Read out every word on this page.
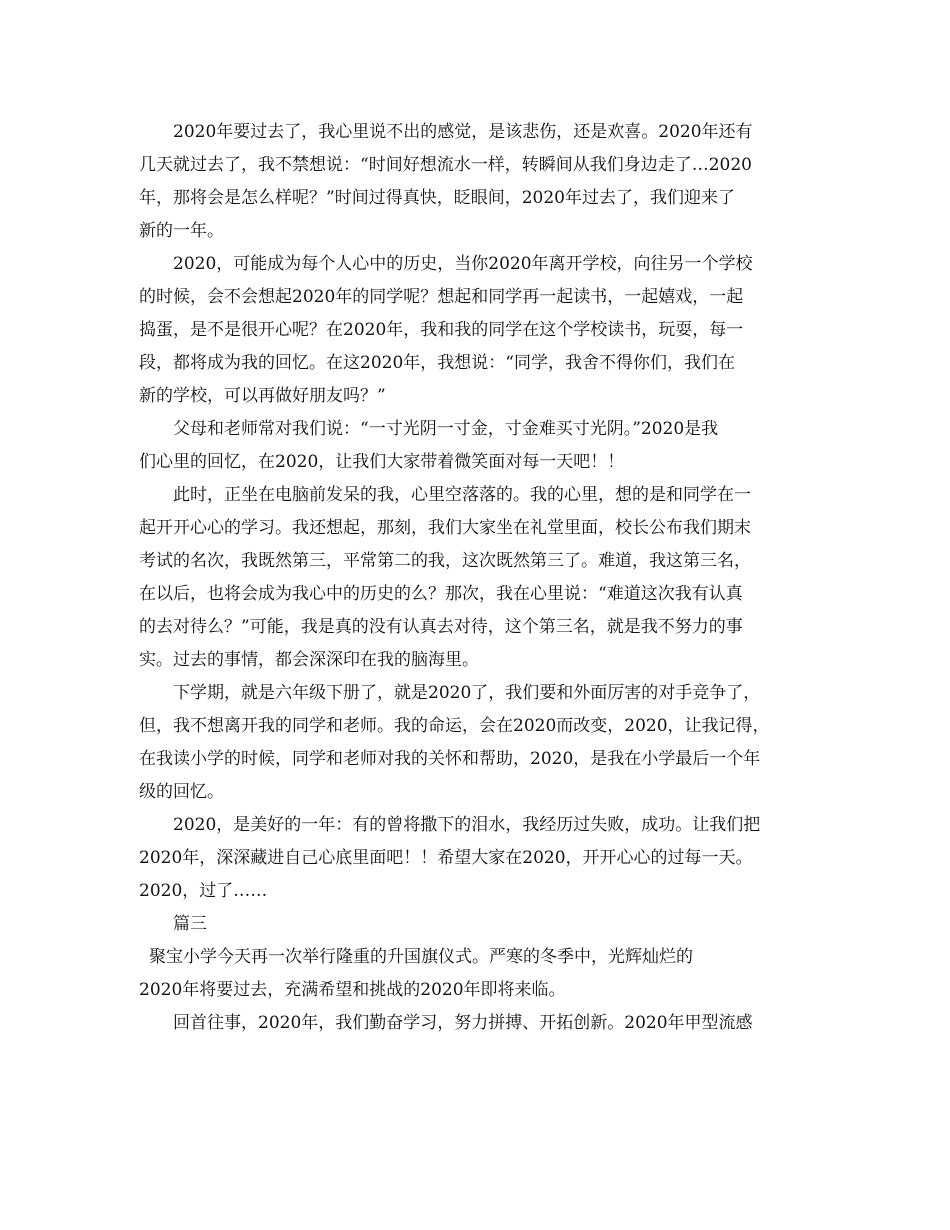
2020年要过去了，我心里说不出的感觉，是该悲伤，还是欢喜。2020年还有
几天就过去了，我不禁想说：“时间好想流水一样，转瞬间从我们身边走了…2020
年，那将会是怎么样呢？”时间过得真快，眨眼间，2020年过去了，我们迎来了
新的一年。
2020，可能成为每个人心中的历史，当你2020年离开学校，向往另一个学校
的时候，会不会想起2020年的同学呢？想起和同学再一起读书，一起嬉戏，一起
捣蛋，是不是很开心呢？在2020年，我和我的同学在这个学校读书，玩耍，每一
段，都将成为我的回忆。在这2020年，我想说：“同学，我舍不得你们，我们在
新的学校，可以再做好朋友吗？”
父母和老师常对我们说：“一寸光阴一寸金，寸金难买寸光阴。”2020是我
们心里的回忆，在2020，让我们大家带着微笑面对每一天吧！！
此时，正坐在电脑前发呆的我，心里空落落的。我的心里，想的是和同学在一
起开开心心的学习。我还想起，那刻，我们大家坐在礼堂里面，校长公布我们期末
考试的名次，我既然第三，平常第二的我，这次既然第三了。难道，我这第三名，
在以后，也将会成为我心中的历史的么？那次，我在心里说：“难道这次我有认真
的去对待么？”可能，我是真的没有认真去对待，这个第三名，就是我不努力的事
实。过去的事情，都会深深印在我的脑海里。
下学期，就是六年级下册了，就是2020了，我们要和外面厉害的对手竞争了，
但，我不想离开我的同学和老师。我的命运，会在2020而改变，2020，让我记得，
在我读小学的时候，同学和老师对我的关怀和帮助，2020，是我在小学最后一个年
级的回忆。
2020，是美好的一年：有的曾将撒下的泪水，我经历过失败，成功。让我们把
2020年，深深藏进自己心底里面吧！！希望大家在2020，开开心心的过每一天。
2020，过了……
篇三
聚宝小学今天再一次举行隆重的升国旗仪式。严寒的冬季中，光辉灿烂的
2020年将要过去，充满希望和挑战的2020年即将来临。
回首往事，2020年，我们勤奋学习，努力拼搏、开拓创新。2020年甲型流感
